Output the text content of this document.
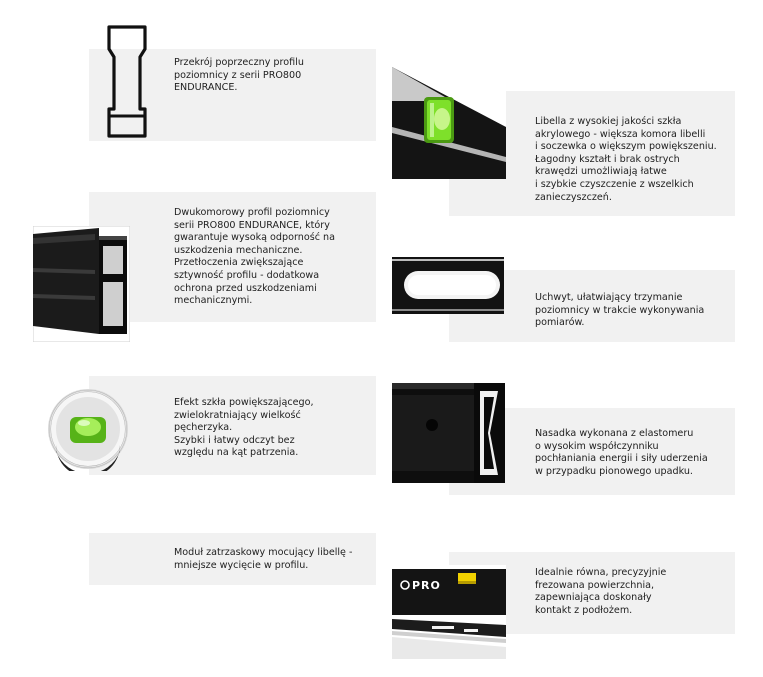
PRO
Przekrój poprzeczny profilu
poziomnicy z serii PRO800
ENDURANCE.
Libella z wysokiej jakości szkła
akrylowego - większa komora libelli
i soczewka o większym powiększeniu.
Łagodny kształt i brak ostrych
krawędzi umożliwiają łatwe
i szybkie czyszczenie z wszelkich
zanieczyszczeń.
Dwukomorowy profil poziomnicy
serii PRO800 ENDURANCE, który
gwarantuje wysoką odporność na
uszkodzenia mechaniczne.
Przetłoczenia zwiększające
sztywność profilu - dodatkowa
ochrona przed uszkodzeniami
mechanicznymi.	Uchwyt, ułatwiający trzymanie
poziomnicy w trakcie wykonywania
pomiarów.
Efekt szkła powiększającego,
zwielokratniający wielkość
pęcherzyka.
Szybki i łatwy odczyt bez
względu na kąt patrzenia.
Nasadka wykonana z elastomeru
o wysokim współczynniku
pochłaniania energii i siły uderzenia
w przypadku pionowego upadku.
Moduł zatrzaskowy mocujący libellę -
mniejsze wycięcie w profilu.
Idealnie równa, precyzyjnie
frezowana powierzchnia,
zapewniająca doskonały
kontakt z podłożem.
